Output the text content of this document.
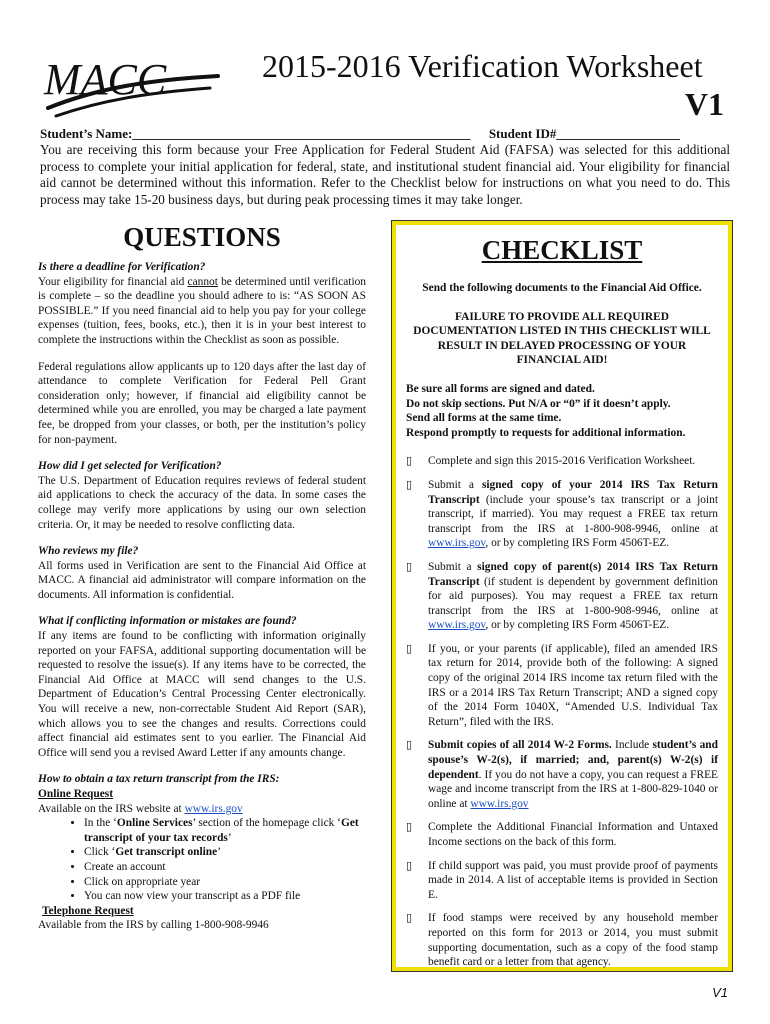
MACC	2015-2016 Verification Worksheet
V1
Student’s Name:____________________________________________________ Student ID#___________________
You are receiving this form because your Free Application for Federal Student Aid (FAFSA) was selected for this additional process to complete your initial application for federal, state, and institutional student financial aid. Your eligibility for financial aid cannot be determined without this information. Refer to the Checklist below for instructions on what you need to do. This process may take 15-20 business days, but during peak processing times it may take longer.
QUESTIONS
Is there a deadline for Verification?
Your eligibility for financial aid cannot be determined until verification is complete – so the deadline you should adhere to is: “AS SOON AS POSSIBLE.” If you need financial aid to help you pay for your college expenses (tuition, fees, books, etc.), then it is in your best interest to complete the instructions within the Checklist as soon as possible.
Federal regulations allow applicants up to 120 days after the last day of attendance to complete Verification for Federal Pell Grant consideration only; however, if financial aid eligibility cannot be determined while you are enrolled, you may be charged a late payment fee, be dropped from your classes, or both, per the institution’s policy for non-payment.
How did I get selected for Verification?
The U.S. Department of Education requires reviews of federal student aid applications to check the accuracy of the data. In some cases the college may verify more applications by using our own selection criteria. Or, it may be needed to resolve conflicting data.
Who reviews my file?
All forms used in Verification are sent to the Financial Aid Office at MACC. A financial aid administrator will compare information on the documents. All information is confidential.
What if conflicting information or mistakes are found?
If any items are found to be conflicting with information originally reported on your FAFSA, additional supporting documentation will be requested to resolve the issue(s). If any items have to be corrected, the Financial Aid Office at MACC will send changes to the U.S. Department of Education’s Central Processing Center electronically. You will receive a new, non-correctable Student Aid Report (SAR), which allows you to see the changes and results. Corrections could affect financial aid estimates sent to you earlier. The Financial Aid Office will send you a revised Award Letter if any amounts change.
How to obtain a tax return transcript from the IRS:
Online Request
Available on the IRS website at www.irs.gov
• In the ‘Online Services’ section of the homepage click ‘Get transcript of your tax records’
• Click ‘Get transcript online’
• Create an account
• Click on appropriate year
• You can now view your transcript as a PDF file
Telephone Request
Available from the IRS by calling 1-800-908-9946
CHECKLIST
Send the following documents to the Financial Aid Office.
FAILURE TO PROVIDE ALL REQUIRED DOCUMENTATION LISTED IN THIS CHECKLIST WILL RESULT IN DELAYED PROCESSING OF YOUR FINANCIAL AID!
Be sure all forms are signed and dated.
Do not skip sections. Put N/A or “0” if it doesn’t apply.
Send all forms at the same time.
Respond promptly to requests for additional information.
▯	Complete and sign this 2015-2016 Verification Worksheet.
▯	Submit a signed copy of your 2014 IRS Tax Return Transcript (include your spouse’s tax transcript or a joint transcript, if married). You may request a FREE tax return transcript from the IRS at 1-800-908-9946, online at www.irs.gov, or by completing IRS Form 4506T-EZ.
▯	Submit a signed copy of parent(s) 2014 IRS Tax Return Transcript (if student is dependent by government definition for aid purposes). You may request a FREE tax return transcript from the IRS at 1-800-908-9946, online at www.irs.gov, or by completing IRS Form 4506T-EZ.
▯	If you, or your parents (if applicable), filed an amended IRS tax return for 2014, provide both of the following: A signed copy of the original 2014 IRS income tax return filed with the IRS or a 2014 IRS Tax Return Transcript; AND a signed copy of the 2014 Form 1040X, “Amended U.S. Individual Tax Return”, filed with the IRS.
▯	Submit copies of all 2014 W-2 Forms. Include student’s and spouse’s W-2(s), if married; and, parent(s) W-2(s) if dependent. If you do not have a copy, you can request a FREE wage and income transcript from the IRS at 1-800-829-1040 or online at www.irs.gov
▯	Complete the Additional Financial Information and Untaxed Income sections on the back of this form.
▯	If child support was paid, you must provide proof of payments made in 2014. A list of acceptable items is provided in Section E.
▯	If food stamps were received by any household member reported on this form for 2013 or 2014, you must submit supporting documentation, such as a copy of the food stamp benefit card or a letter from that agency.
V1
